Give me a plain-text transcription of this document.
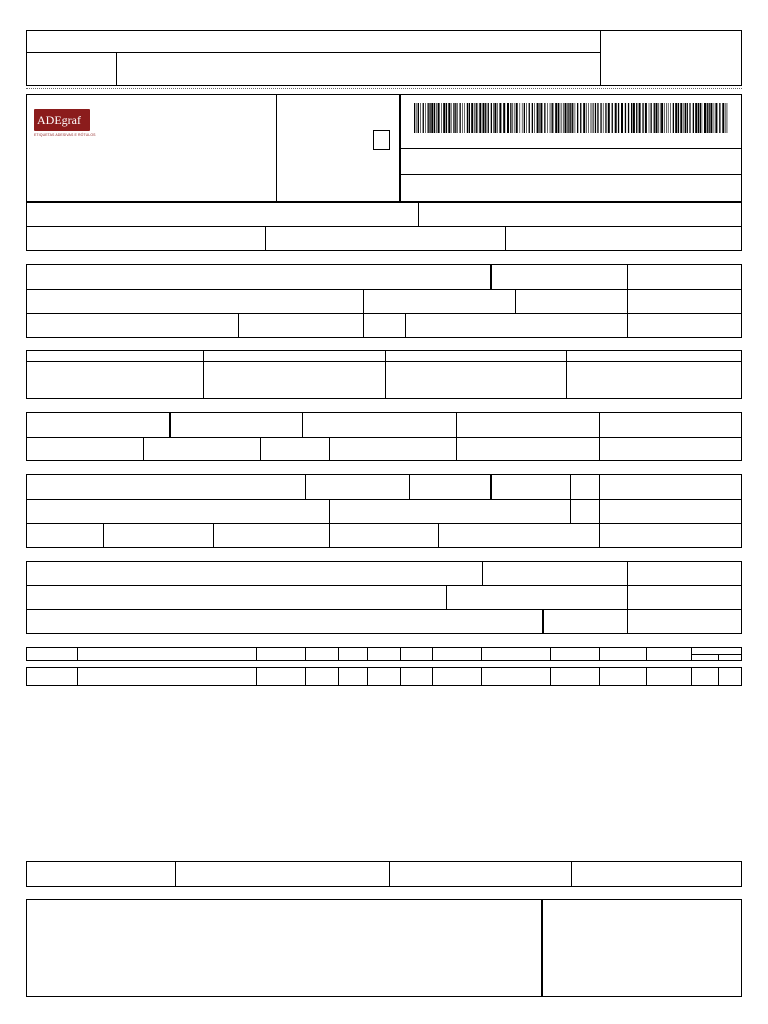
ADEgraf
ETIQUETAS ADESIVAS E RÓTULOS
